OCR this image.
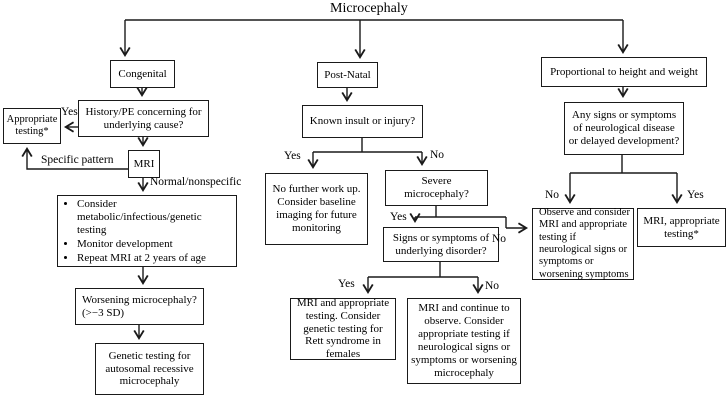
Microcephaly
Congenital
History/PE concerning for underlying cause?
Appropriate testing*
MRI
• Consider metabolic/infectious/genetic testing
• Monitor development
• Repeat MRI at 2 years of age
Worsening microcephaly?(>−3 SD)
Genetic testing for autosomal recessive microcephaly
Post-Natal
Known insult or injury?
No further work up. Consider baseline imaging for future monitoring
Severe microcephaly?
Signs or symptoms of underlying disorder?
MRI and appropriate testing. Consider genetic testing for Rett syndrome in females
MRI and continue to observe. Consider appropriate testing if neurological signs or symptoms or worsening microcephaly
Proportional to height and weight
Any signs or symptoms of neurological disease or delayed development?
Observe and consider MRI and appropriate testing if neurological signs or symptoms or worsening symptoms
MRI, appropriate testing*
Yes
Specific pattern
Normal/nonspecific
Yes	No
Yes
No
Yes	No
No	Yes
